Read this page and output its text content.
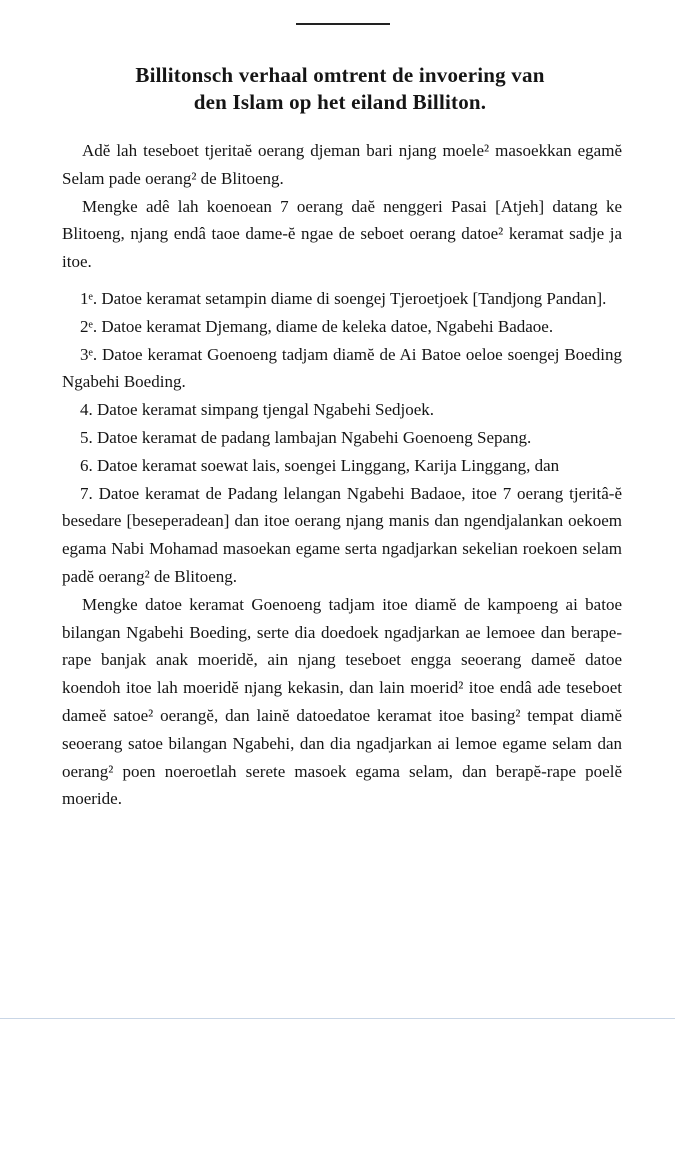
Billitonsch verhaal omtrent de invoering van
den Islam op het eiland Billiton.

Adĕ lah teseboet tjeritaĕ oerang djeman bari njang moele² masoekkan egamĕ Selam pade oerang² de Blitoeng.

Mengke adê lah koenoean 7 oerang daĕ nenggeri Pasai [Atjeh] datang ke Blitoeng, njang endâ taoe dame-ĕ ngae de seboet oerang datoe² keramat sadje ja itoe.

1ᵉ. Datoe keramat setampin diame di soengej Tjeroetjoek [Tandjong Pandan].

2ᵉ. Datoe keramat Djemang, diame de keleka datoe, Ngabehi Badaoe.

3ᵉ. Datoe keramat Goenoeng tadjam diamĕ de Ai Batoe oeloe soengej Boeding Ngabehi Boeding.

4. Datoe keramat simpang tjengal Ngabehi Sedjoek.

5. Datoe keramat de padang lambajan Ngabehi Goenoeng Sepang.

6. Datoe keramat soewat lais, soengei Linggang, Karija Linggang, dan

7. Datoe keramat de Padang lelangan Ngabehi Badaoe, itoe 7 oerang tjeritâ-ĕ besedare [beseperadean] dan itoe oerang njang manis dan ngendjalankan oekoem egama Nabi Mohamad masoekan egame serta ngadjarkan sekelian roekoen selam padĕ oerang² de Blitoeng.

Mengke datoe keramat Goenoeng tadjam itoe diamĕ de kampoeng ai batoe bilangan Ngabehi Boeding, serte dia doedoek ngadjarkan ae lemoee dan berape-rape banjak anak moeridĕ, ain njang teseboet engga seoerang dameĕ datoe koendoh itoe lah moeridĕ njang kekasin, dan lain moerid² itoe endâ ade teseboet dameĕ satoe² oerangĕ, dan lainĕ datoedatoe keramat itoe basing² tempat diamĕ seoerang satoe bilangan Ngabehi, dan dia ngadjarkan ai lemoe egame selam dan oerang² poen noeroetlah serete masoek egama selam, dan berapĕ-rape poelĕ moeride.
